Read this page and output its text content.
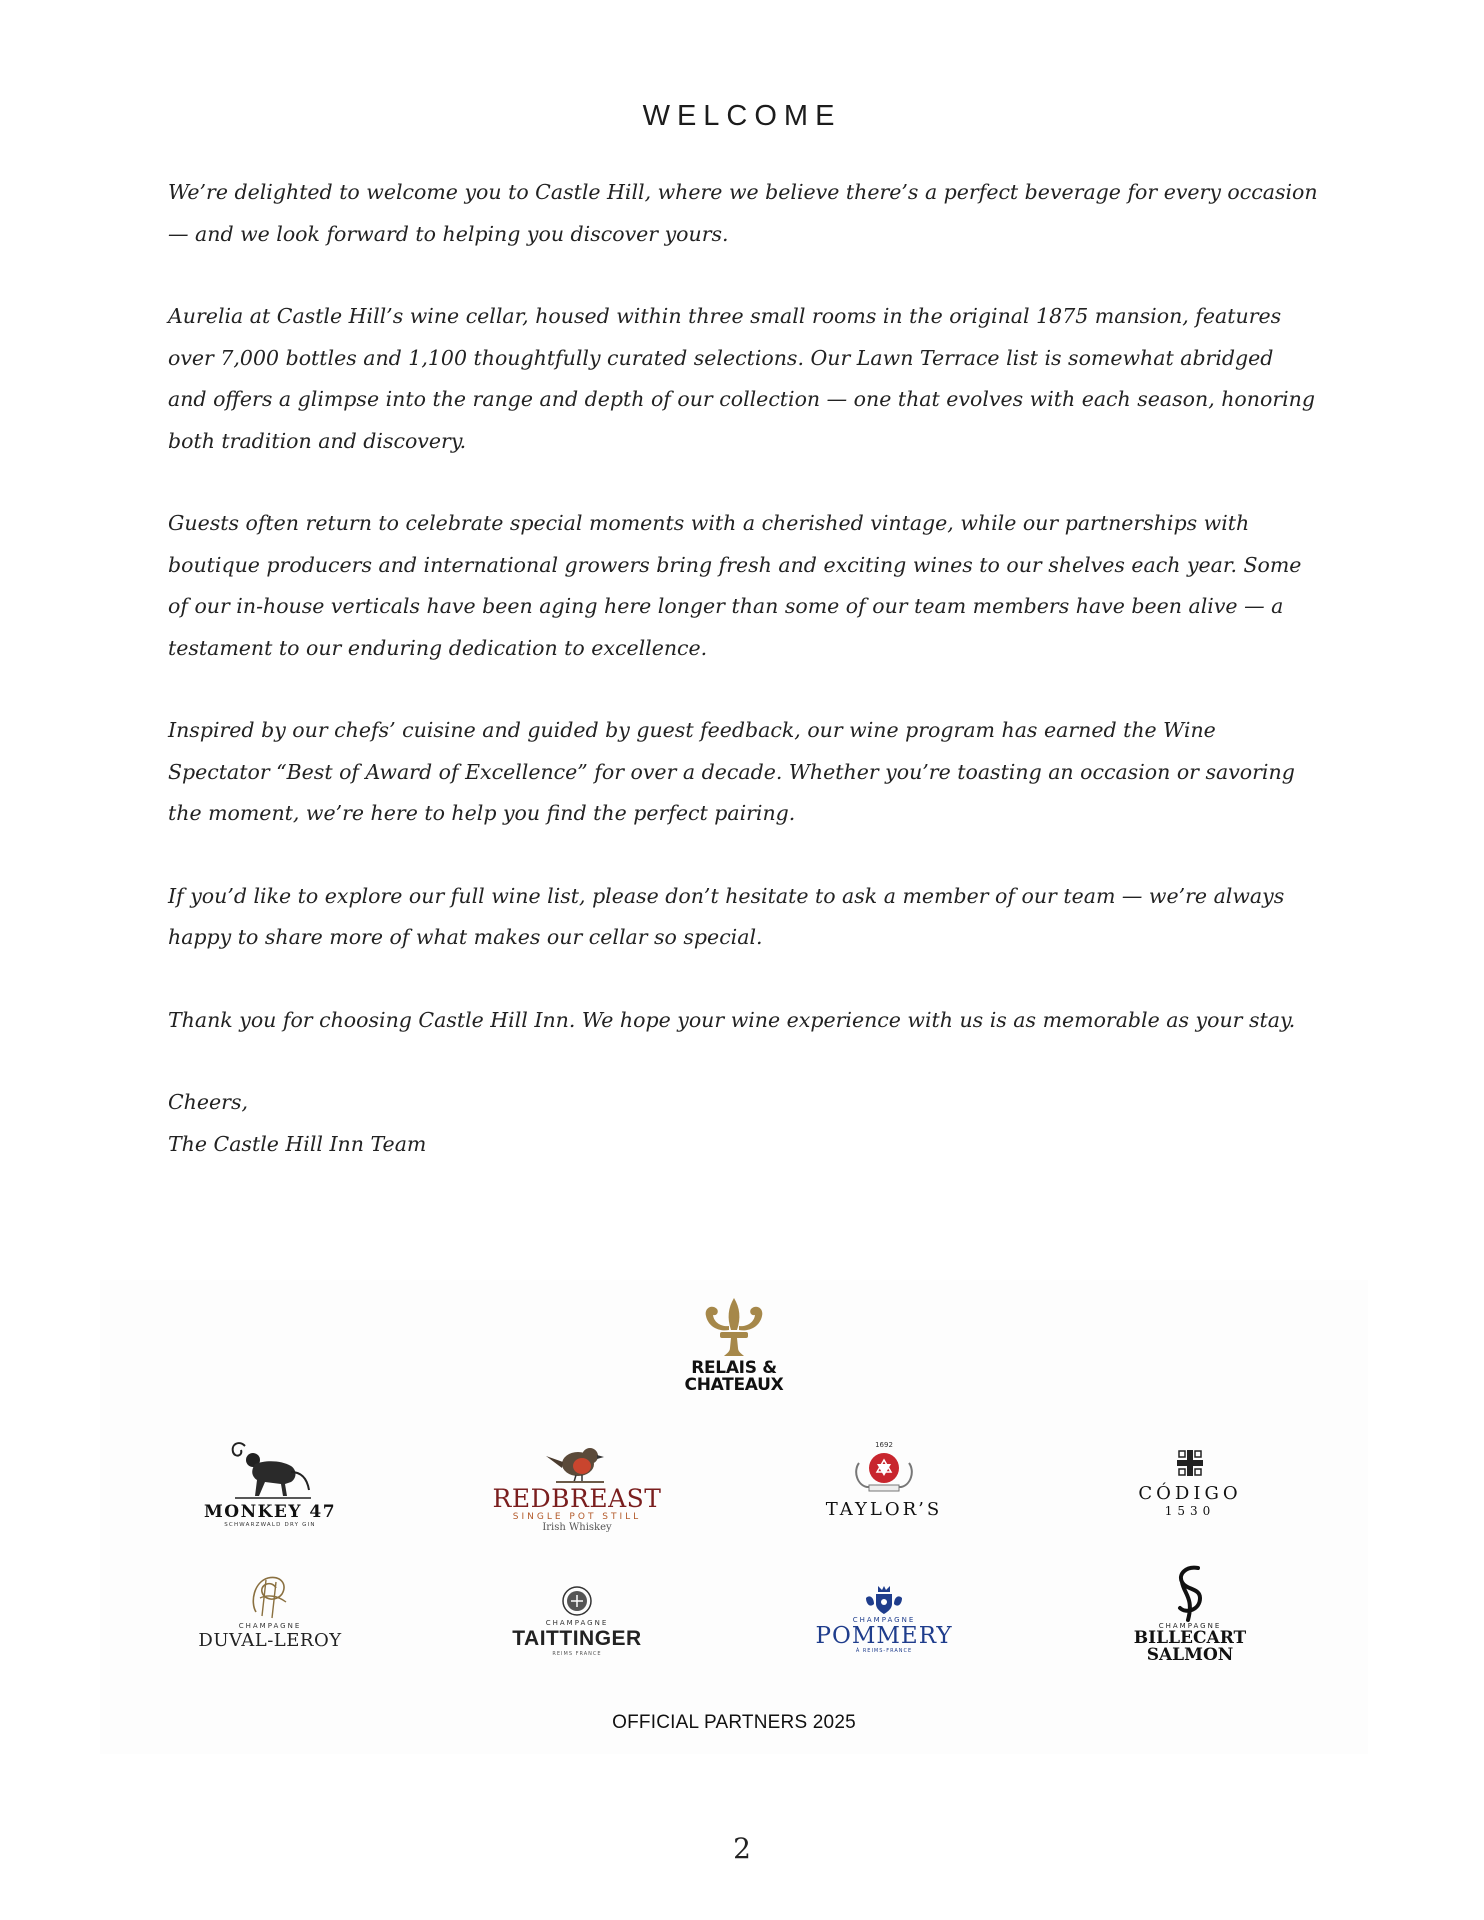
WELCOME

We’re delighted to welcome you to Castle Hill, where we believe there’s a perfect beverage for every occasion — and we look forward to helping you discover yours.

Aurelia at Castle Hill’s wine cellar, housed within three small rooms in the original 1875 mansion, features over 7,000 bottles and 1,100 thoughtfully curated selections. Our Lawn Terrace list is somewhat abridged and offers a glimpse into the range and depth of our collection — one that evolves with each season, honoring both tradition and discovery.

Guests often return to celebrate special moments with a cherished vintage, while our partnerships with boutique producers and international growers bring fresh and exciting wines to our shelves each year. Some of our in-house verticals have been aging here longer than some of our team members have been alive — a testament to our enduring dedication to excellence.

Inspired by our chefs’ cuisine and guided by guest feedback, our wine program has earned the Wine Spectator “Best of Award of Excellence” for over a decade. Whether you’re toasting an occasion or savoring the moment, we’re here to help you find the perfect pairing.

If you’d like to explore our full wine list, please don’t hesitate to ask a member of our team — we’re always happy to share more of what makes our cellar so special.

Thank you for choosing Castle Hill Inn. We hope your wine experience with us is as memorable as your stay.

Cheers,

The Castle Hill Inn Team

RELAIS &
CHATEAUX
MONKEY 47
SCHWARZWALD DRY GIN
REDBREAST
SINGLE POT STILL
Irish Whiskey
1692
TAYLOR’S
CÓDIGO
1530
CHAMPAGNE
DUVAL-LEROY
CHAMPAGNE
TAITTINGER
REIMS FRANCE
CHAMPAGNE
POMMERY
À REIMS-FRANCE
CHAMPAGNE
BILLECART
SALMON
OFFICIAL PARTNERS 2025
2
